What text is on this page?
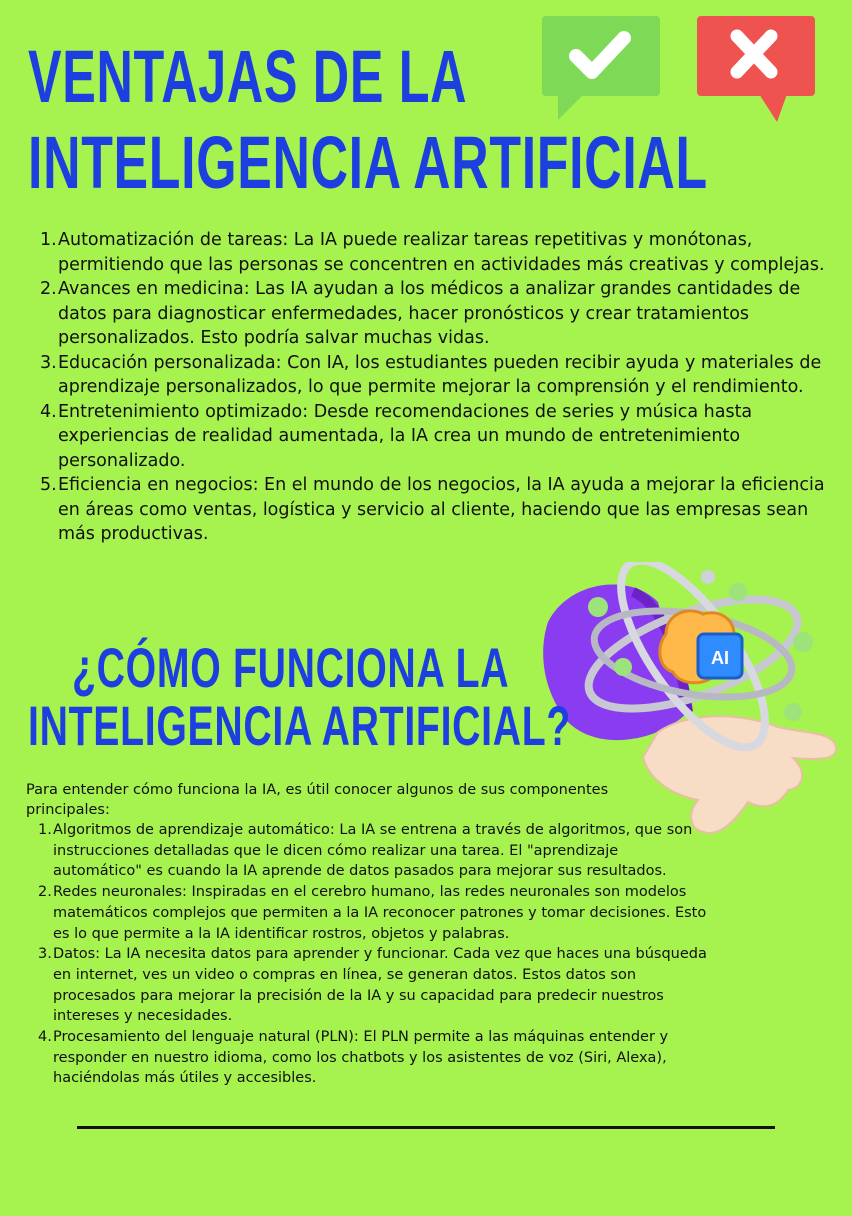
VENTAJAS DE LA
INTELIGENCIA ARTIFICIAL
1. Automatización de tareas: La IA puede realizar tareas repetitivas y monótonas, permitiendo que las personas se concentren en actividades más creativas y complejas.
2. Avances en medicina: Las IA ayudan a los médicos a analizar grandes cantidades de datos para diagnosticar enfermedades, hacer pronósticos y crear tratamientos personalizados. Esto podría salvar muchas vidas.
3. Educación personalizada: Con IA, los estudiantes pueden recibir ayuda y materiales de aprendizaje personalizados, lo que permite mejorar la comprensión y el rendimiento.
4. Entretenimiento optimizado: Desde recomendaciones de series y música hasta experiencias de realidad aumentada, la IA crea un mundo de entretenimiento personalizado.
5. Eficiencia en negocios: En el mundo de los negocios, la IA ayuda a mejorar la eficiencia en áreas como ventas, logística y servicio al cliente, haciendo que las empresas sean más productivas.
AI
¿CÓMO FUNCIONA LA
INTELIGENCIA ARTIFICIAL?
Para entender cómo funciona la IA, es útil conocer algunos de sus componentes principales:
1. Algoritmos de aprendizaje automático: La IA se entrena a través de algoritmos, que son instrucciones detalladas que le dicen cómo realizar una tarea. El "aprendizaje automático" es cuando la IA aprende de datos pasados para mejorar sus resultados.
2. Redes neuronales: Inspiradas en el cerebro humano, las redes neuronales son modelos matemáticos complejos que permiten a la IA reconocer patrones y tomar decisiones. Esto es lo que permite a la IA identificar rostros, objetos y palabras.
3. Datos: La IA necesita datos para aprender y funcionar. Cada vez que haces una búsqueda en internet, ves un video o compras en línea, se generan datos. Estos datos son procesados para mejorar la precisión de la IA y su capacidad para predecir nuestros intereses y necesidades.
4. Procesamiento del lenguaje natural (PLN): El PLN permite a las máquinas entender y responder en nuestro idioma, como los chatbots y los asistentes de voz (Siri, Alexa), haciéndolas más útiles y accesibles.
